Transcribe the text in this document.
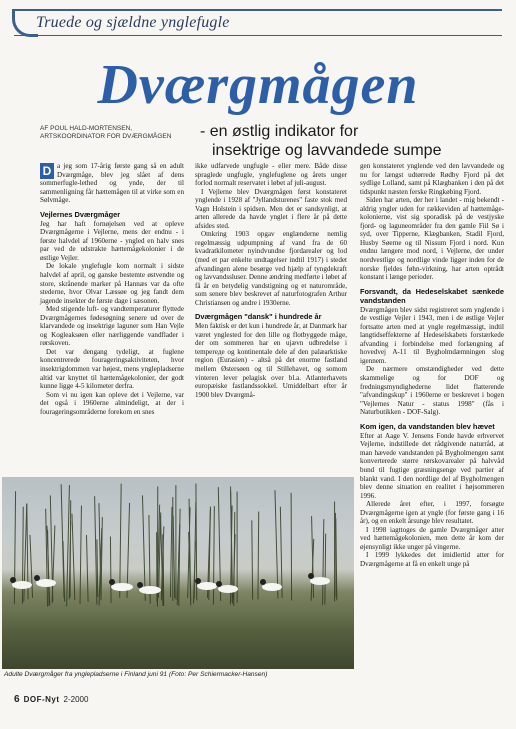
Truede og sjældne ynglefugle
Dværgmågen
AF POUL HALD-MORTENSEN,
ARTSKOORDINATOR FOR DVÆRGMÅGEN	- en østlig indikator for
insektrige og lavvandede sumpe

D a jeg som 17-årig første gang så en adult Dværgmåge, blev jeg slået af dens sommerfugle-lethed og ynde, der til sammenligning får hættemågen til at virke som en Sølvmåge.

Vejlernes Dværgmåger

Jeg har haft fornøjelsen ved at opleve Dværgmågerne i Vejlerne, mens der endnu - i første halvdel af 1960erne - yngled en halv snes par ved de udstrakte hættemågekolonier i de østlige Vejler.

De lokale ynglefugle kom normalt i sidste halvdel af april, og ganske bestemte østvendte og store, skrånende marker på Hannæs var da ofte stederne, hvor Olvar Læssøe og jeg fandt dem jagende insekter de første dage i sæsonen.

Med stigende luft- og vandtemperaturer flyttede Dværgmågernes fødesøgning senere ud over de klarvandede og insektrige laguner som Han Vejle og Kogleaksøen eller nærliggende vandflader i rørskoven.

Det var dengang tydeligt, at fuglene koncentrerede fourageringsaktiviteten, hvor insektrigdommen var højest, mens ynglepladserne altid var knyttet til hættemågekolonier, der godt kunne ligge 4-5 kilometer derfra.

Som vi nu igen kan opleve det i Vejlerne, var det også i 1960erne almindeligt, at der i fourageringsområderne forekom en snes

ikke udfarvede ungfugle - eller mere. Både disse spraglede ungfugle, ynglefuglene og årets unger forlod normalt reservatet i løbet af juli-august.

I Vejlerne blev Dværgmågen først konstateret ynglende i 1928 af "Jyllandsturenes" faste stok med Vagn Holstein i spidsen. Men det er sandsynligt, at arten allerede da havde ynglet i flere år på dette afsides sted.

Omkring 1903 opgav englænderne nemlig regelmæssig udpumpning af vand fra de 60 kvadratkilometer nyindvundne fjordarealer og lod (med et par enkelte undtagelser indtil 1917) i stedet afvandingen alene besørge ved hjælp af tyngdekraft og lavvandssluser. Denne ændring medførte i løbet af få år en betydelig vandstigning og et naturområde, som senere blev beskrevet af naturfotografen Arthur Christiansen og andre i 1930erne.

Dværgmågen "dansk" i hundrede år

Men faktisk er det kun i hundrede år, at Danmark har været ynglested for den lille og flotbyggede måge, der om sommeren har en ujævn udbredelse i tempereде og kontinentale dele af den palæarktiske region (Eurasien) - altså på det enorme fastland mellem Østersøen og til Stillehavet, og somom vinteren lever pelagisk over bl.a. Atlanterhavets europæiske fastlandssokkel. Umiddelbart efter år 1900 blev Dværgmå-

gen konstateret ynglende ved den lavvandede og nu for længst udtørrede Rødby Fjord på det sydlige Lolland, samt på Klægbanken i den på det tidspunkt næsten ferske Ringkøbing Fjord.

Siden har arten, der her i landet - mig bekendt - aldrig yngler uden for rækkeviden af hættemåge-kolonierne, vist sig sporadisk på de vestjyske fjord- og laguneområder fra den gamle Fiil Sø i syd, over Tipperne, Klægbanken, Stadil Fjord, Husby Søerne og til Nissum Fjord i nord. Kun endnu længere mod nord, i Vejlerne, der under nordvestlige og nordlige vinde ligger inden for de norske fjeldes føhn-virkning, har arten optrådt konstant i længe perioder.

Forsvandt, da Hedeselskabet sænkede vandstanden

Dværgmågen blev sidst registreret som ynglende i de vestlige Vejler i 1943, men i de østlige Vejler fortsatte arten med at yngle regelmæssigt, indtil langtidseffekterne af Hedeselskabets forstærkede afvanding i forbindelse med forlængning af hovedvej A-11 til Bygholmdæmningen slog igennem.

De nærmere omstændigheder ved dette skammelige og for DOF og fredningsmyndighederne lidet flatterende "afvandingskup" i 1960erne er beskrevet i bogen "Vejlernes Natur - status 1998" (fås i Naturbutikken - DOF-Salg).

Kom igen, da vandstanden blev hævet

Efter at Aage V. Jensens Fonde havde erhvervet Vejlerne, indstillede det rådgivende naturråd, at man hævede vandstanden på Bygholmengen samt konverterede større rørskovarealer på halvvåd bund til fugtige græsningsenge ved partier af blankt vand. I den nordlige del af Bygholmengen blev denne situation en realitet i højsommeren 1996.

Allerede året efter, i 1997, forsøgte Dværgmågerne igen at yngle (for første gang i 16 år), og en enkelt årsunge blev resultatet.

I 1998 iagttoges de gamle Dværgmåger atter ved hættemågekolonien, men dette år kom der øjensynligt ikke unger på vingerne.

I 1999 lykkedes det imidlertid atter for Dværgmågerne at få en enkelt unge på

Adulte Dværgmåger fra ynglepladserne i Finland juni 91 (Foto: Per Schiermacker-Hansen)
6 DOF-Nyt 2-2000
